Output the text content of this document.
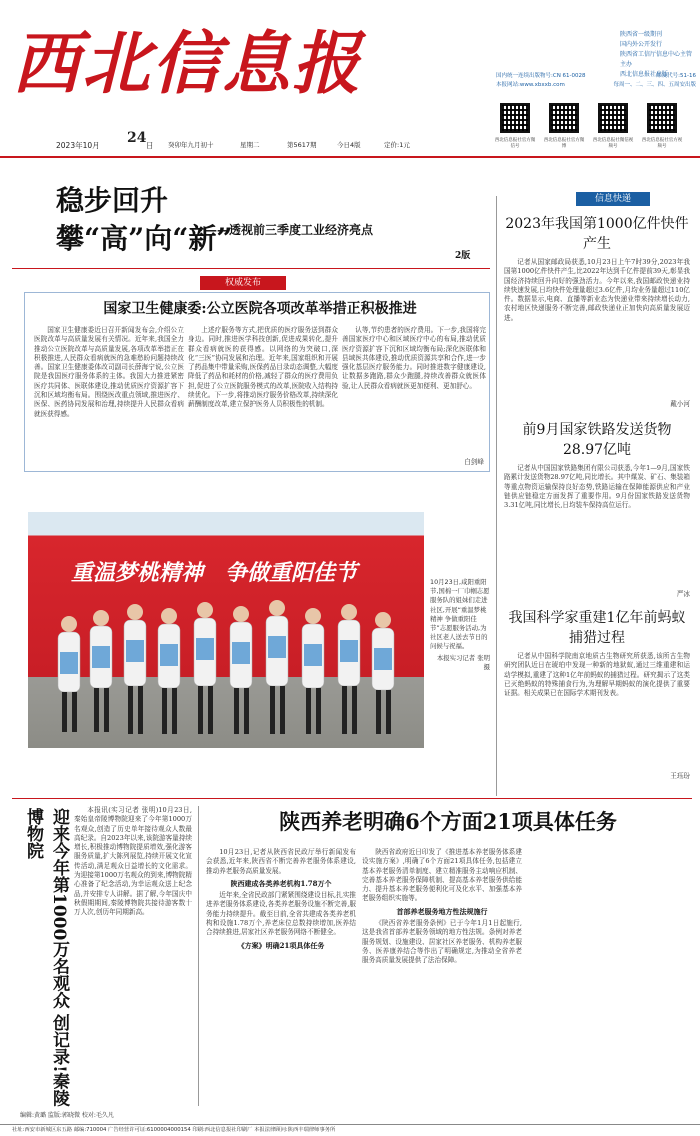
西北信息报
2023年10月 24 日 癸卯年九月初十	星期二	第5617期	今日4版	定价:1元
陕西省一级期刊
国内外公开发行
陕西省工信厅信息中心主管主办
西北信息报社出版
国内统一连续出版物号:CN 61-0028　	邮发代号:51-16

本报网站:www.xbxxb.com　	每周一、二、三、四、五周安出版
西北信息报社官方微信号
西北信息报社官方微博
西北信息报社微信视频号
西北信息报社官方视频号
稳步回升　攀“高”向“新”
——透视前三季度工业经济亮点
2版
权威发布
国家卫生健康委:公立医院各项改革举措正积极推进

国家卫生健康委近日召开新闻发布会,介绍公立医院改革与高质量发展有关情况。近年来,我国全力推动公立医院改革与高质量发展,各项改革举措正在积极推进,人民群众看病就医的急难愁盼问题持续改善。国家卫生健康委体改司副司长薛海宁说,公立医院是我国医疗服务体系的主体。我国大力推进紧密医疗共同体、医联体建设,推动优质医疗资源扩容下沉和区域均衡布局。围绕医改重点领域,推进医疗、医保、医药协同发展和治理,持续提升人民群众看病就医获得感。

上述疗服务等方式,把优质的医疗服务送到群众身边。同时,推进医学科技创新,促进成果转化,提升群众看病就医的获得感。以网络的为突破口,深化“三医”协同发展和治理。近年来,国家组织和开展了药品集中带量采购,医保药品目录动态调整,大幅度降低了药品和耗材的价格,减轻了群众的医疗费用负担,促进了公立医院服务模式的改革,医院收入结构持续优化。下一步,将推动医疗服务价格改革,持续深化薪酬制度改革,建立保护医务人员积极性的机制。

认等,节约患者的医疗费用。下一步,我国将完善国家医疗中心和区域医疗中心的布局,推动优质医疗资源扩容下沉和区域均衡布局;深化医联体和县域医共体建设,推动优质资源共享和合作,进一步强化基层医疗服务能力。同时推进数字健康建设,让数据多跑路,群众少跑腿,持续改善群众就医体验,让人民群众看病就医更加便利、更加舒心。

白剑峰
重温梦桃精神　争做重阳佳节	10月23日,咸阳重阳节,国棉一厂巾帼志愿服务队的姐妹们走进社区,开展“重温梦桃精神 争做重阳佳节”志愿服务活动,为社区老人送去节日的问候与祝福。
本报实习记者 张明 摄
信息快递
2023年我国第1000亿件快件产生

记者从国家邮政局获悉,10月23日上午7时39分,2023年我国第1000亿件快件产生,比2022年达到千亿件提前39天,彰显我国经济持续回升向好的强劲活力。今年以来,我国邮政快递业持续快速发展,日均快件处理量超过3.6亿件,月均业务量超过110亿件。数据显示,电商、直播等新业态为快递业带来持续增长动力,农村地区快递服务不断完善,邮政快递业正加快向高质量发展迈进。

戴小河
前9月国家铁路发送货物28.97亿吨

记者从中国国家铁路集团有限公司获悉,今年1—9月,国家铁路累计发送货物28.97亿吨,同比增长。其中煤炭、矿石、集装箱等重点物资运输保持良好态势,铁路运输在保障能源供应和产业链供应链稳定方面发挥了重要作用。9月份国家铁路发送货物3.31亿吨,同比增长,日均装车保持高位运行。

严冰
我国科学家重建1亿年前蚂蚁捕猎过程

记者从中国科学院南京地质古生物研究所获悉,该所古生物研究团队近日在琥珀中发现一种新的地狱蚁,通过三维重建和运动学模拟,重建了这种1亿年前蚂蚁的捕猎过程。研究揭示了这类已灭绝蚂蚁的特殊捕食行为,为理解早期蚂蚁的演化提供了重要证据。相关成果已在国际学术期刊发表。

王珏玢
迎来今年第1000万名观众 创记录!秦陵博物院	本报讯(实习记者 张明)10月23日,秦始皇帝陵博物院迎来了今年第1000万名观众,创造了历史单年接待观众人数最高纪录。自2023年以来,该院游客量持续增长,积极推动博物院提质增效,强化游客服务质量,扩大陈列展览,持续开展文化宣传活动,满足观众日益增长的文化需求。为迎接第1000万名观众的到来,博物院精心准备了纪念活动,为幸运观众送上纪念品,并安排专人讲解。据了解,今年国庆中秋假期期间,秦陵博物院共接待游客数十万人次,创历年同期新高。

编辑:黄璐 监版:郭晓微 校对:毛久凡
陕西养老明确6个方面21项具体任务

10月23日,记者从陕西省民政厅举行新闻发布会获悉,近年来,陕西省不断完善养老服务体系建设,推动养老服务高质量发展。

陕西建成各类养老机构1.78万个

近年来,全省民政部门紧紧围绕建设目标,扎实推进养老服务体系建设,各类养老服务设施不断完善,服务能力持续提升。截至目前,全省共建成各类养老机构和设施1.78万个,养老床位总数持续增加,医养结合持续推进,居家社区养老服务网络不断健全。

《方案》明确21项具体任务

陕西省政府近日印发了《推进基本养老服务体系建设实施方案》,明确了6个方面21项具体任务,包括建立基本养老服务清单制度、建立精准服务主动响应机制、完善基本养老服务保障机制、提高基本养老服务供给能力、提升基本养老服务便利化可及化水平、加强基本养老服务组织实施等。

首部养老服务地方性法规施行

《陕西省养老服务条例》已于今年1月1日起施行,这是我省首部养老服务领域的地方性法规。条例对养老服务规划、设施建设、居家社区养老服务、机构养老服务、医养康养结合等作出了明确规定,为推动全省养老服务高质量发展提供了法治保障。

社址:西安市新城区东五路 邮编:710004 广告经营许可证:6100004000154 印刷:西北信息报社印刷厂 本报法律顾问:陕西丰瑞律师事务所
